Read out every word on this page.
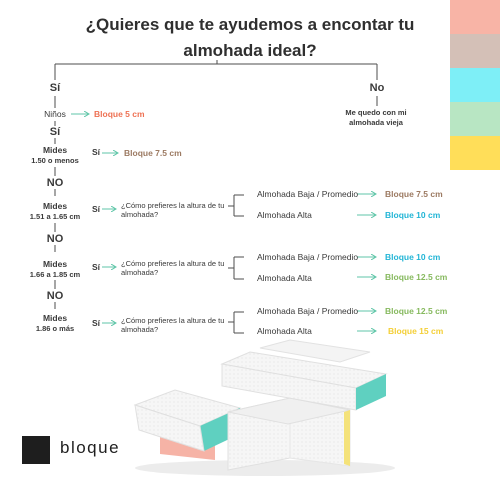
¿Quieres que te ayudemos a encontar tu almohada ideal?
Sí	No
Me quedo con mi almohada vieja
Niños	Bloque 5 cm
Sí
Mides
1.50 o menos
Sí	Bloque 7.5 cm
NO
Mides
1.51 a 1.65 cm
Sí	¿Cómo prefieres la altura de tu almohada?
Almohada Baja / Promedio	Bloque 7.5 cm
Almohada Alta	Bloque 10 cm
NO
Mides
1.66 a 1.85 cm
Sí	¿Cómo prefieres la altura de tu almohada?
Almohada Baja / Promedio	Bloque 10 cm
Almohada Alta	Bloque 12.5 cm
NO
Mides
1.86 o más
Sí	¿Cómo prefieres la altura de tu almohada?
Almohada Baja / Promedio	Bloque 12.5 cm
Almohada Alta	Bloque 15 cm
bloque
